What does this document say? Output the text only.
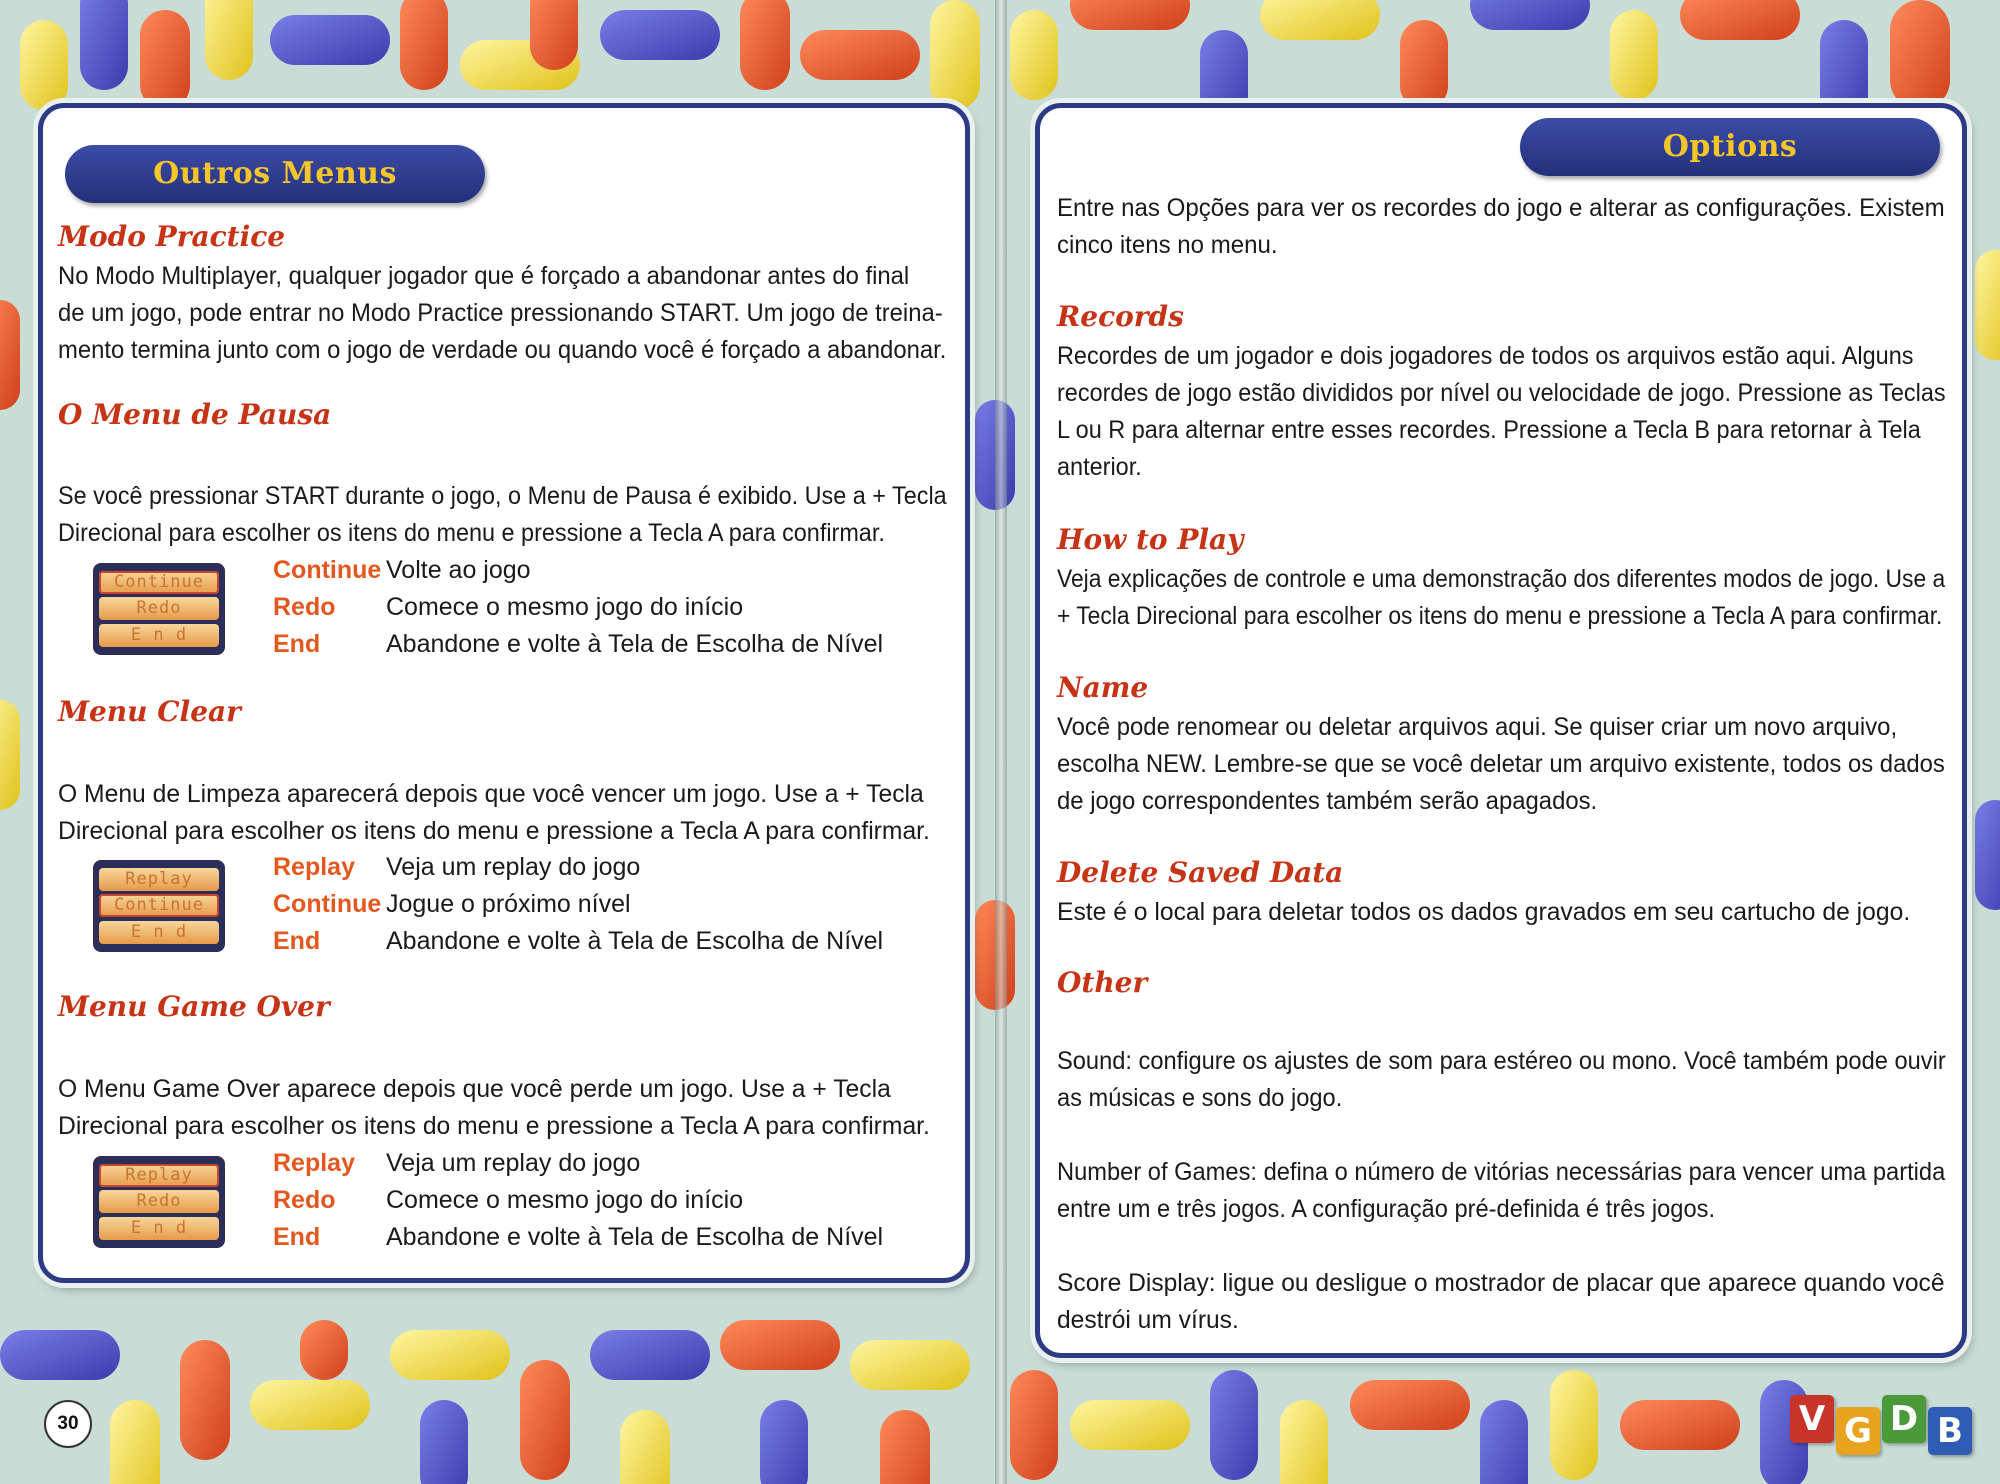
Outros Menus
Modo Practice

No Modo Multiplayer, qualquer jogador que é forçado a abandonar antes do final
de um jogo, pode entrar no Modo Practice pressionando START. Um jogo de treina-
mento termina junto com o jogo de verdade ou quando você é forçado a abandonar.

O Menu de Pausa

Se você pressionar START durante o jogo, o Menu de Pausa é exibido. Use a + Tecla
Direcional para escolher os itens do menu e pressione a Tecla A para confirmar.

Continue
Redo
E n d
Continue Volte ao jogo
Redo Comece o mesmo jogo do início
End	Abandone e volte à Tela de Escolha de Nível
Menu Clear

O Menu de Limpeza aparecerá depois que você vencer um jogo. Use a + Tecla
Direcional para escolher os itens do menu e pressione a Tecla A para confirmar.

Replay
Continue
E n d
Replay Veja um replay do jogo
Continue Jogue o próximo nível
End	Abandone e volte à Tela de Escolha de Nível
Menu Game Over

O Menu Game Over aparece depois que você perde um jogo. Use a + Tecla
Direcional para escolher os itens do menu e pressione a Tecla A para confirmar.

Replay
Redo
E n d
Replay Veja um replay do jogo
Redo Comece o mesmo jogo do início
End	Abandone e volte à Tela de Escolha de Nível
30
Options

Entre nas Opções para ver os recordes do jogo e alterar as configurações. Existem
cinco itens no menu.

Records

Recordes de um jogador e dois jogadores de todos os arquivos estão aqui. Alguns
recordes de jogo estão divididos por nível ou velocidade de jogo. Pressione as Teclas
L ou R para alternar entre esses recordes. Pressione a Tecla B para retornar à Tela
anterior.

How to Play

Veja explicações de controle e uma demonstração dos diferentes modos de jogo. Use a
+ Tecla Direcional para escolher os itens do menu e pressione a Tecla A para confirmar.

Name

Você pode renomear ou deletar arquivos aqui. Se quiser criar um novo arquivo,
escolha NEW. Lembre-se que se você deletar um arquivo existente, todos os dados
de jogo correspondentes também serão apagados.

Delete Saved Data

Este é o local para deletar todos os dados gravados em seu cartucho de jogo.

Other

Sound: configure os ajustes de som para estéreo ou mono. Você também pode ouvir
as músicas e sons do jogo.

Number of Games: defina o número de vitórias necessárias para vencer uma partida
entre um e três jogos. A configuração pré-definida é três jogos.

Score Display: ligue ou desligue o mostrador de placar que aparece quando você
destrói um vírus.

V G D B
